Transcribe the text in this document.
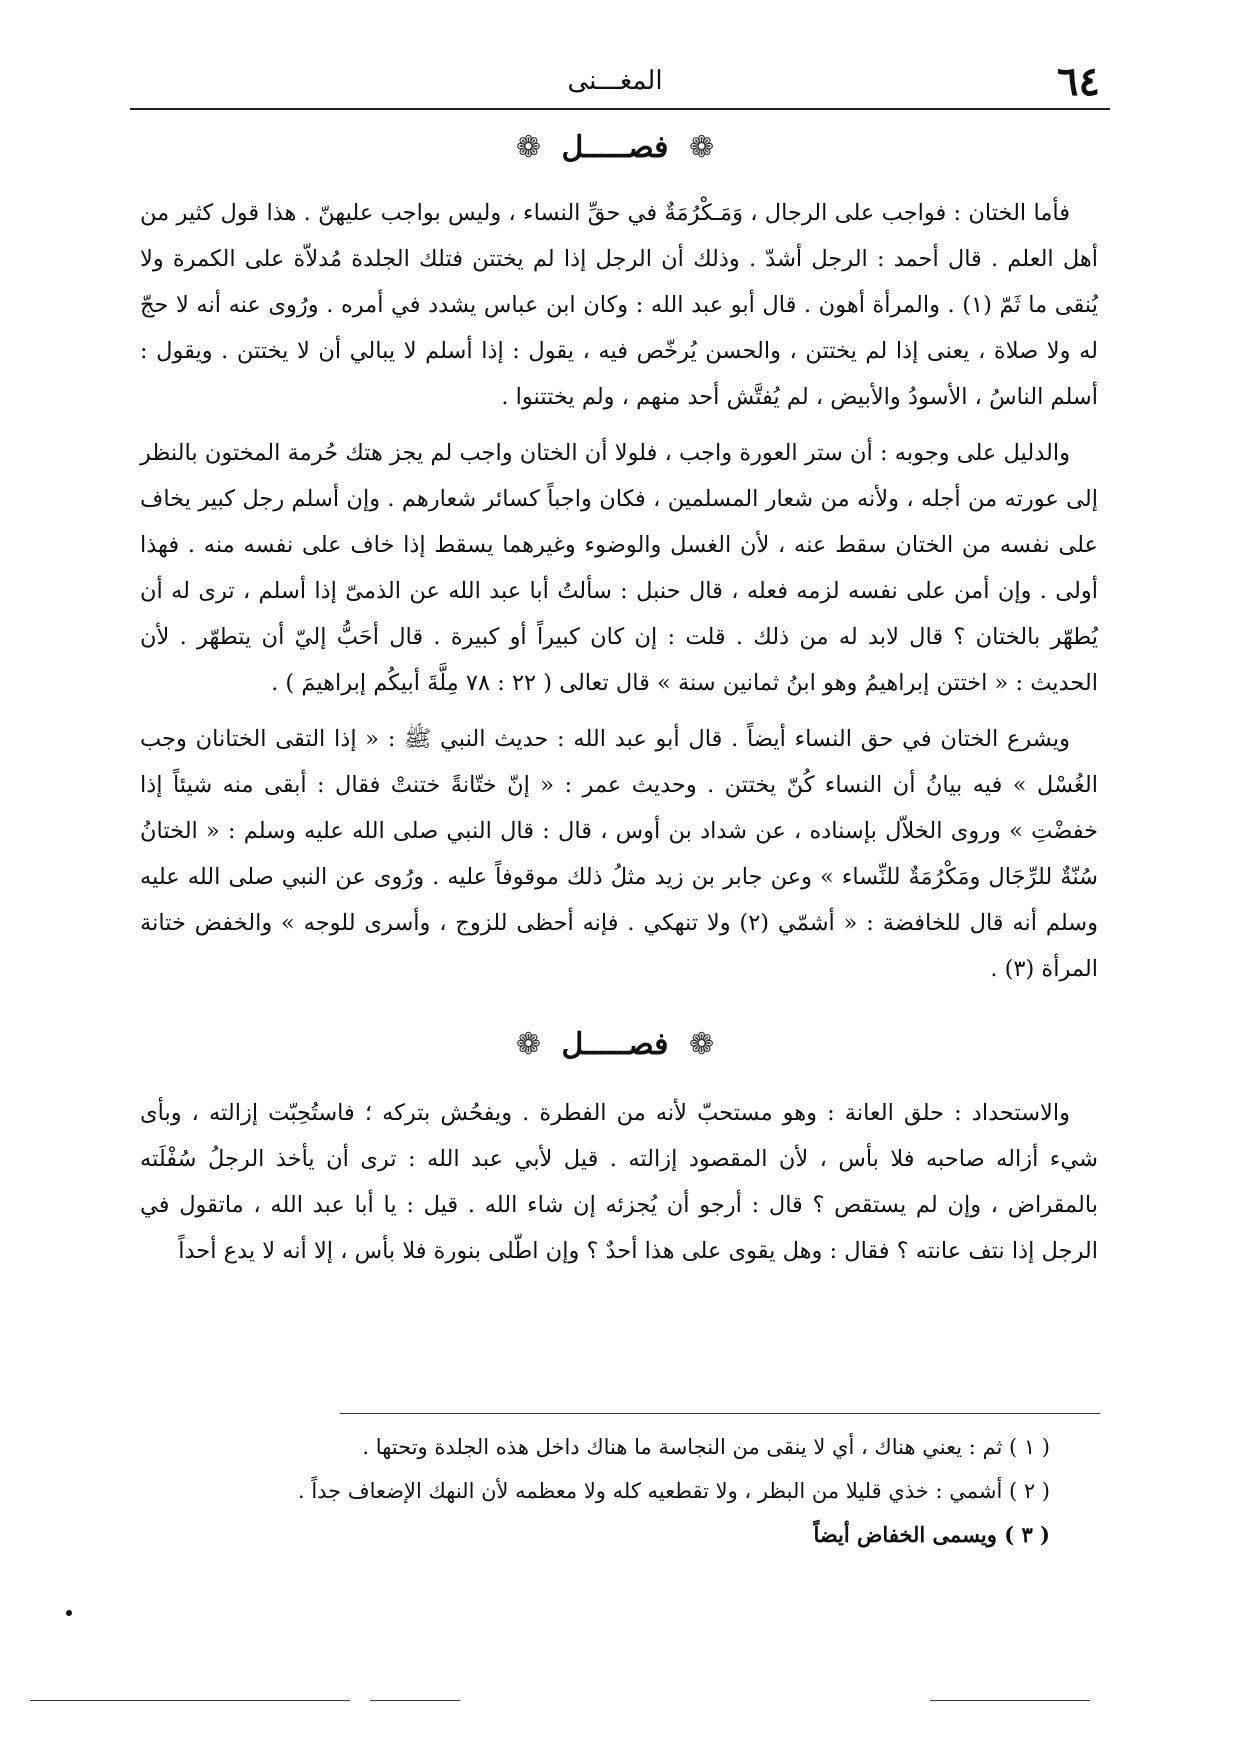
٦٤
المغـــنى
❁ فصـــــل ❁

فأما الختان : فواجب على الرجال ، وَمَـكْرُمَةٌ في حقِّ النساء ، وليس بواجب عليهنّ . هذا قول كثير من أهل العلم . قال أحمد : الرجل أشدّ . وذلك أن الرجل إذا لم يختتن فتلك الجلدة مُدلاّة على الكمرة ولا يُنقى ما ثَمّ (١) . والمرأة أهون . قال أبو عبد الله : وكان ابن عباس يشدد في أمره . ورُوى عنه أنه لا حجّ له ولا صلاة ، يعنى إذا لم يختتن ، والحسن يُرخّص فيه ، يقول : إذا أسلم لا يبالي أن لا يختتن . ويقول : أسلم الناسُ ، الأسودُ والأبيض ، لم يُفتَّش أحد منهم ، ولم يختتنوا .

والدليل على وجوبه : أن ستر العورة واجب ، فلولا أن الختان واجب لم يجز هتك حُرمة المختون بالنظر إلى عورته من أجله ، ولأنه من شعار المسلمين ، فكان واجباً كسائر شعارهم . وإن أسلم رجل كبير يخاف على نفسه من الختان سقط عنه ، لأن الغسل والوضوء وغيرهما يسقط إذا خاف على نفسه منه . فهذا أولى . وإن أمن على نفسه لزمه فعله ، قال حنبل : سألتُ أبا عبد الله عن الذمىّ إذا أسلم ، ترى له أن يُطهّر بالختان ؟ قال لابد له من ذلك . قلت : إن كان كبيراً أو كبيرة . قال أحَبُّ إليّ أن يتطهّر . لأن الحديث : « اختتن إبراهيمُ وهو ابنُ ثمانين سنة » قال تعالى ( ٢٢ : ٧٨ مِلَّةَ أبيكُم إبراهيمَ ) .

ويشرع الختان في حق النساء أيضاً . قال أبو عبد الله : حديث النبي ﷺ : « إذا التقى الختانان وجب الغُسْل » فيه بيانُ أن النساء كُنّ يختتن . وحديث عمر : « إنّ ختّانةً ختنتْ فقال : أبقى منه شيئاً إذا خفضْتِ » وروى الخلاّل بإسناده ، عن شداد بن أوس ، قال : قال النبي صلى الله عليه وسلم : « الختانُ سُنّةٌ للرِّجَال ومَكْرُمَةٌ للنِّساء » وعن جابر بن زيد مثلُ ذلك موقوفاً عليه . ورُوى عن النبي صلى الله عليه وسلم أنه قال للخافضة : « أشمّي (٢) ولا تنهكي . فإنه أحظى للزوج ، وأسرى للوجه » والخفض ختانة المرأة (٣) .

❁ فصـــــل ❁

والاستحداد : حلق العانة : وهو مستحبّ لأنه من الفطرة . ويفحُش بتركه ؛ فاستُحِبّت إزالته ، وبأى شيء أزاله صاحبه فلا بأس ، لأن المقصود إزالته . قيل لأبي عبد الله : ترى أن يأخذ الرجلُ سُفْلَته بالمقراض ، وإن لم يستقص ؟ قال : أرجو أن يُجزئه إن شاء الله . قيل : يا أبا عبد الله ، ماتقول في الرجل إذا نتف عانته ؟ فقال : وهل يقوى على هذا أحدٌ ؟ وإن اطّلى بنورة فلا بأس ، إلا أنه لا يدع أحداً

( ١ ) ثم : يعني هناك ، أي لا ينقى من النجاسة ما هناك داخل هذه الجلدة وتحتها .

( ٢ ) أشمي : خذي قليلا من البظر ، ولا تقطعيه كله ولا معظمه لأن النهك الإضعاف جداً .

( ٣ ) ويسمى الخفاض أيضاً
